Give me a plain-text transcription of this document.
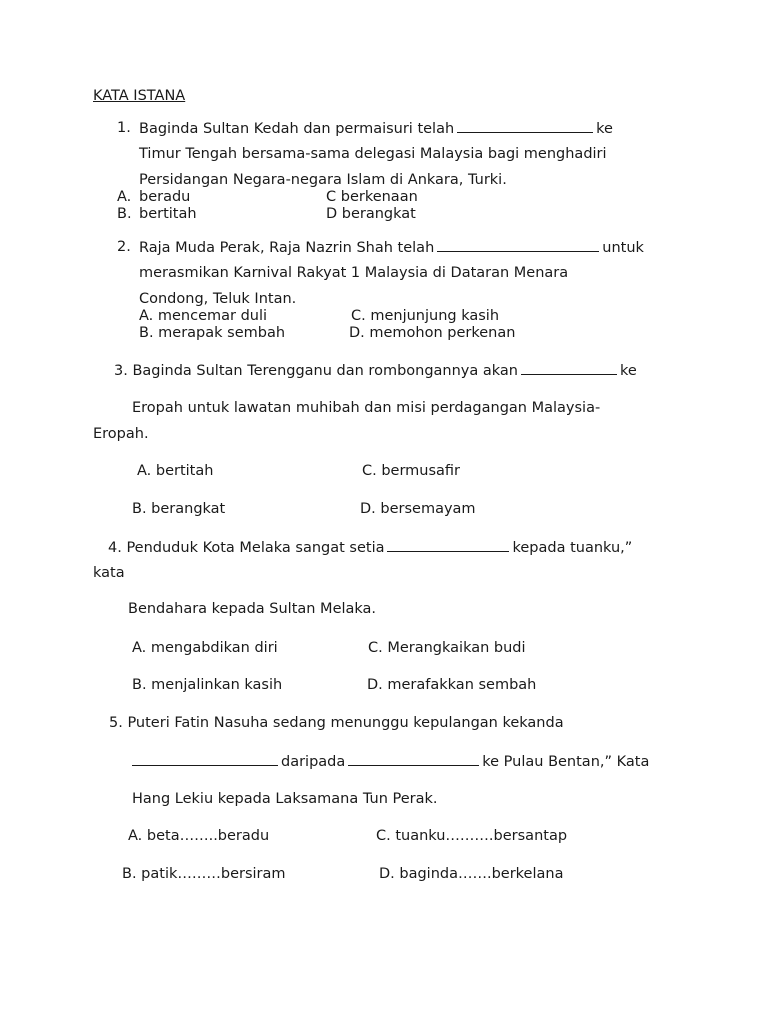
KATA ISTANA
1. Baginda Sultan Kedah dan permaisuri telah	ke
Timur Tengah bersama-sama delegasi Malaysia bagi menghadiri
Persidangan Negara-negara Islam di Ankara, Turki.
A. beradu	C berkenaan
B. bertitah	D berangkat
2. Raja Muda Perak, Raja Nazrin Shah telah	untuk
merasmikan Karnival Rakyat 1 Malaysia di Dataran Menara
Condong, Teluk Intan.
A. mencemar duli	C. menjunjung kasih
B. merapak sembah	D. memohon perkenan
3. Baginda Sultan Terengganu dan rombongannya akan	ke
Eropah untuk lawatan muhibah dan misi perdagangan Malaysia-
Eropah.
A. bertitah	C. bermusafir
B. berangkat	D. bersemayam
4. Penduduk Kota Melaka sangat setia	kepada tuanku,”
kata
Bendahara kepada Sultan Melaka.
A. mengabdikan diri	C. Merangkaikan budi
B. menjalinkan kasih	D. merafakkan sembah
5. Puteri Fatin Nasuha sedang menunggu kepulangan kekanda
daripada	ke Pulau Bentan,” Kata
Hang Lekiu kepada Laksamana Tun Perak.
A. beta……..beradu	C. tuanku……….bersantap
B. patik………bersiram	D. baginda…….berkelana
